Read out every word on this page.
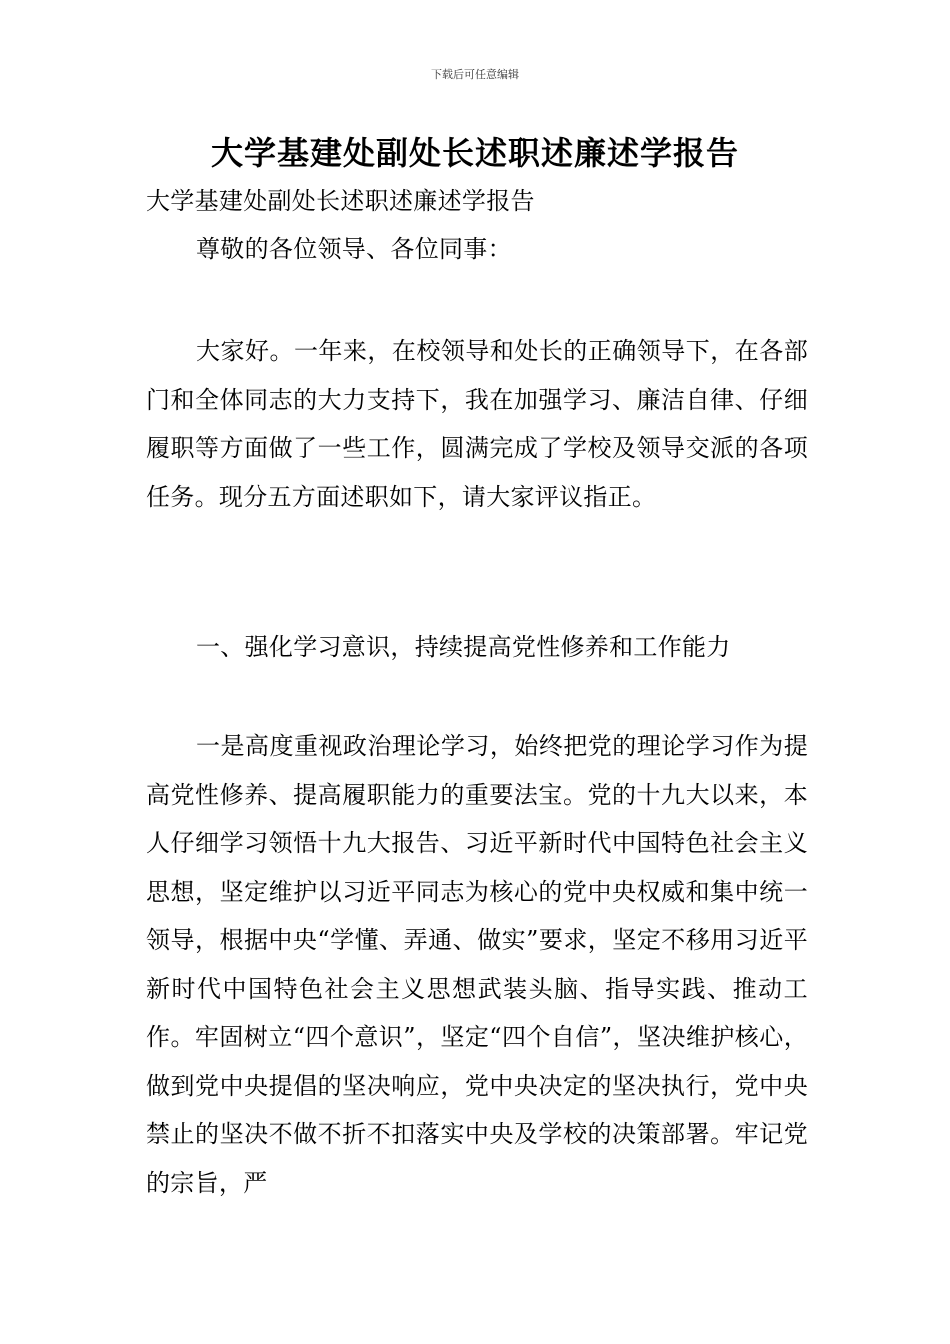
下载后可任意编辑
大学基建处副处长述职述廉述学报告

大学基建处副处长述职述廉述学报告

尊敬的各位领导、各位同事：

大家好。一年来，在校领导和处长的正确领导下，在各部门和全体同志的大力支持下，我在加强学习、廉洁自律、仔细履职等方面做了一些工作，圆满完成了学校及领导交派的各项任务。现分五方面述职如下，请大家评议指正。

一、强化学习意识，持续提高党性修养和工作能力

一是高度重视政治理论学习，始终把党的理论学习作为提高党性修养、提高履职能力的重要法宝。党的十九大以来，本人仔细学习领悟十九大报告、习近平新时代中国特色社会主义思想，坚定维护以习近平同志为核心的党中央权威和集中统一领导，根据中央“学懂、弄通、做实”要求，坚定不移用习近平新时代中国特色社会主义思想武装头脑、指导实践、推动工作。牢固树立“四个意识”，坚定“四个自信”，坚决维护核心，做到党中央提倡的坚决响应，党中央决定的坚决执行，党中央禁止的坚决不做不折不扣落实中央及学校的决策部署。牢记党的宗旨，严
